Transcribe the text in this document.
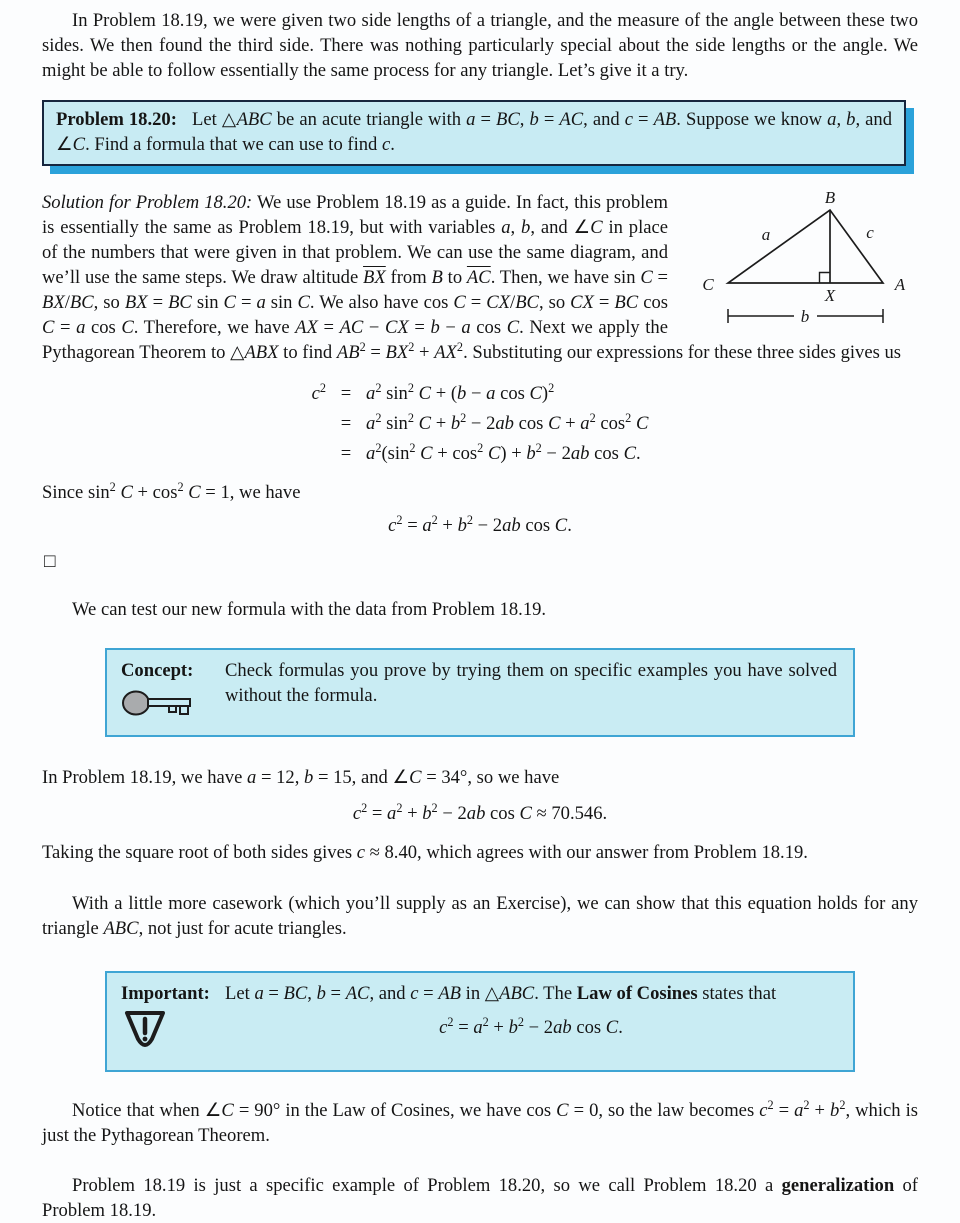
In Problem 18.19, we were given two side lengths of a triangle, and the measure of the angle between these two sides. We then found the third side. There was nothing particularly special about the side lengths or the angle. We might be able to follow essentially the same process for any triangle. Let’s give it a try.

Problem 18.20: Let △ABC be an acute triangle with a = BC, b = AC, and c = AB. Suppose we know a, b, and ∠C. Find a formula that we can use to find c.
B
C	A
X
a	c
b

Solution for Problem 18.20: We use Problem 18.19 as a guide. In fact, this problem is essentially the same as Problem 18.19, but with variables a, b, and ∠C in place of the numbers that were given in that problem. We can use the same diagram, and we’ll use the same steps. We draw altitude $\overline{BX}$ from B to $\overline{AC}$. Then, we have sin C = BX/BC, so BX = BC sin C = a sin C. We also have cos C = CX/BC, so CX = BC cos C = a cos C. Therefore, we have AX = AC − CX = b − a cos C. Next we apply the Pythagorean Theorem to △ABX to find $AB^2 = BX^2 + AX^2$. Substituting our expressions for these three sides gives us

$c^2 = a^2$ $\sin^2 C + (b - a$ cos C)$^2$
= $a^2$ $\sin^2 C + b^2 - 2ab$ $\cos C + a^2$ $\cos^2 C$
= $a^2(\sin^2$ $C + \cos^2 C) + b^2 - 2ab$ cos C.

Since $\sin^2 C + \cos^2 C = 1$, we have

$c^2 = a^2 + b^2 - 2ab$ cos C.
□

We can test our new formula with the data from Problem 18.19.

Concept:	Check formulas you prove by trying them on specific examples you have solved without the formula.

In Problem 18.19, we have a = 12, b = 15, and ∠C = 34°, so we have

$c^2 = a^2 + b^2 - 2ab$ cos C ≈ 70.546.

Taking the square root of both sides gives c ≈ 8.40, which agrees with our answer from Problem 18.19.

With a little more casework (which you’ll supply as an Exercise), we can show that this equation holds for any triangle ABC, not just for acute triangles.

Important: Let a = BC, b = AC, and c = AB in △ABC. The Law of Cosines states that
$c^2 = a^2 + b^2 - 2ab$ cos C.

Notice that when ∠C = 90° in the Law of Cosines, we have cos C = 0, so the law becomes $c^2 = a^2 + b^2$, which is just the Pythagorean Theorem.

Problem 18.19 is just a specific example of Problem 18.20, so we call Problem 18.20 a generalization of Problem 18.19.
